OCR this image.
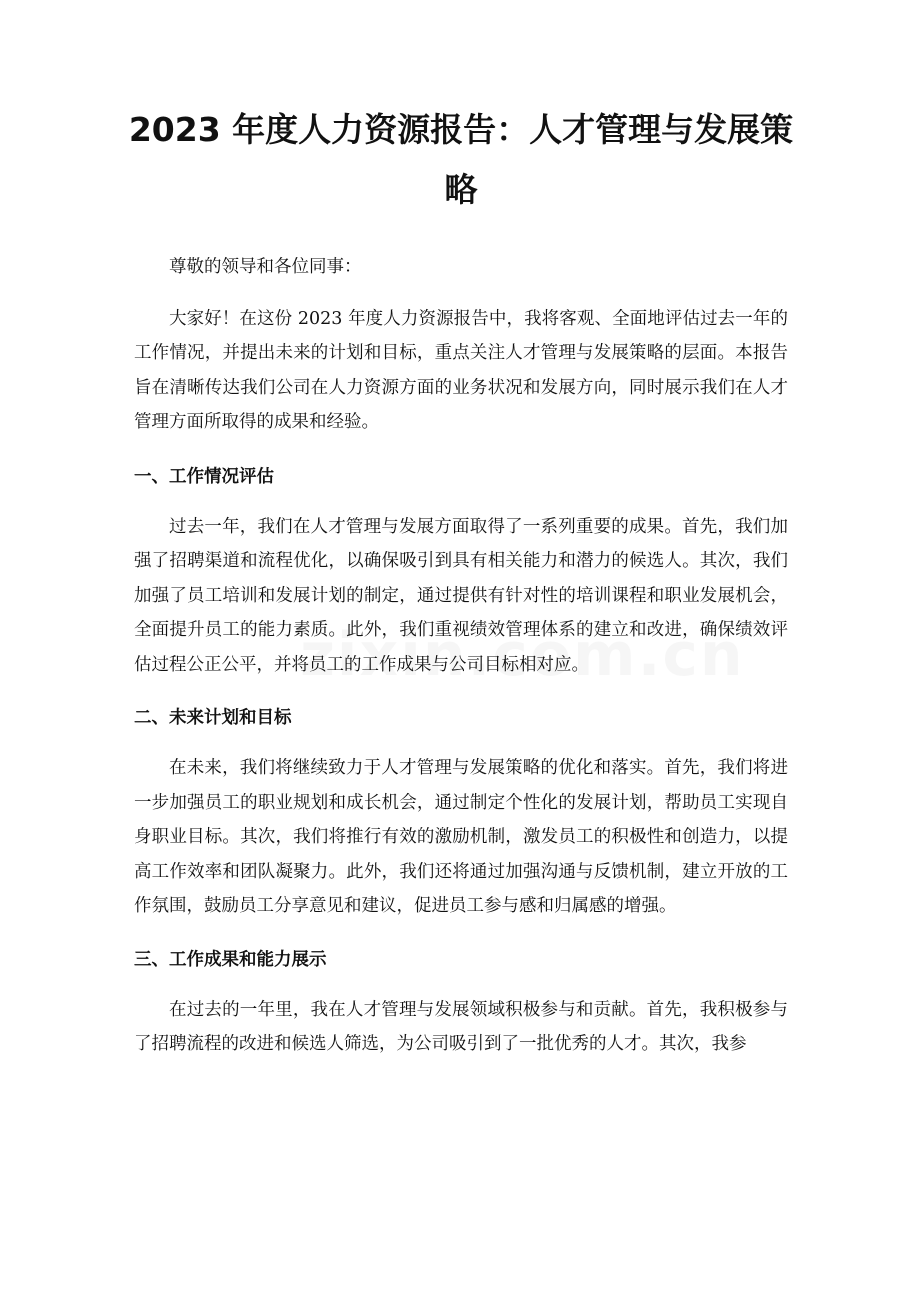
2023 年度人力资源报告：人才管理与发展策略

尊敬的领导和各位同事：

大家好！在这份 2023 年度人力资源报告中，我将客观、全面地评估过去一年的工作情况，并提出未来的计划和目标，重点关注人才管理与发展策略的层面。本报告旨在清晰传达我们公司在人力资源方面的业务状况和发展方向，同时展示我们在人才管理方面所取得的成果和经验。

一、工作情况评估

过去一年，我们在人才管理与发展方面取得了一系列重要的成果。首先，我们加强了招聘渠道和流程优化，以确保吸引到具有相关能力和潜力的候选人。其次，我们加强了员工培训和发展计划的制定，通过提供有针对性的培训课程和职业发展机会，全面提升员工的能力素质。此外，我们重视绩效管理体系的建立和改进，确保绩效评估过程公正公平，并将员工的工作成果与公司目标相对应。

二、未来计划和目标

在未来，我们将继续致力于人才管理与发展策略的优化和落实。首先，我们将进一步加强员工的职业规划和成长机会，通过制定个性化的发展计划，帮助员工实现自身职业目标。其次，我们将推行有效的激励机制，激发员工的积极性和创造力，以提高工作效率和团队凝聚力。此外，我们还将通过加强沟通与反馈机制，建立开放的工作氛围，鼓励员工分享意见和建议，促进员工参与感和归属感的增强。

三、工作成果和能力展示

在过去的一年里，我在人才管理与发展领域积极参与和贡献。首先，我积极参与了招聘流程的改进和候选人筛选，为公司吸引到了一批优秀的人才。其次，我参
